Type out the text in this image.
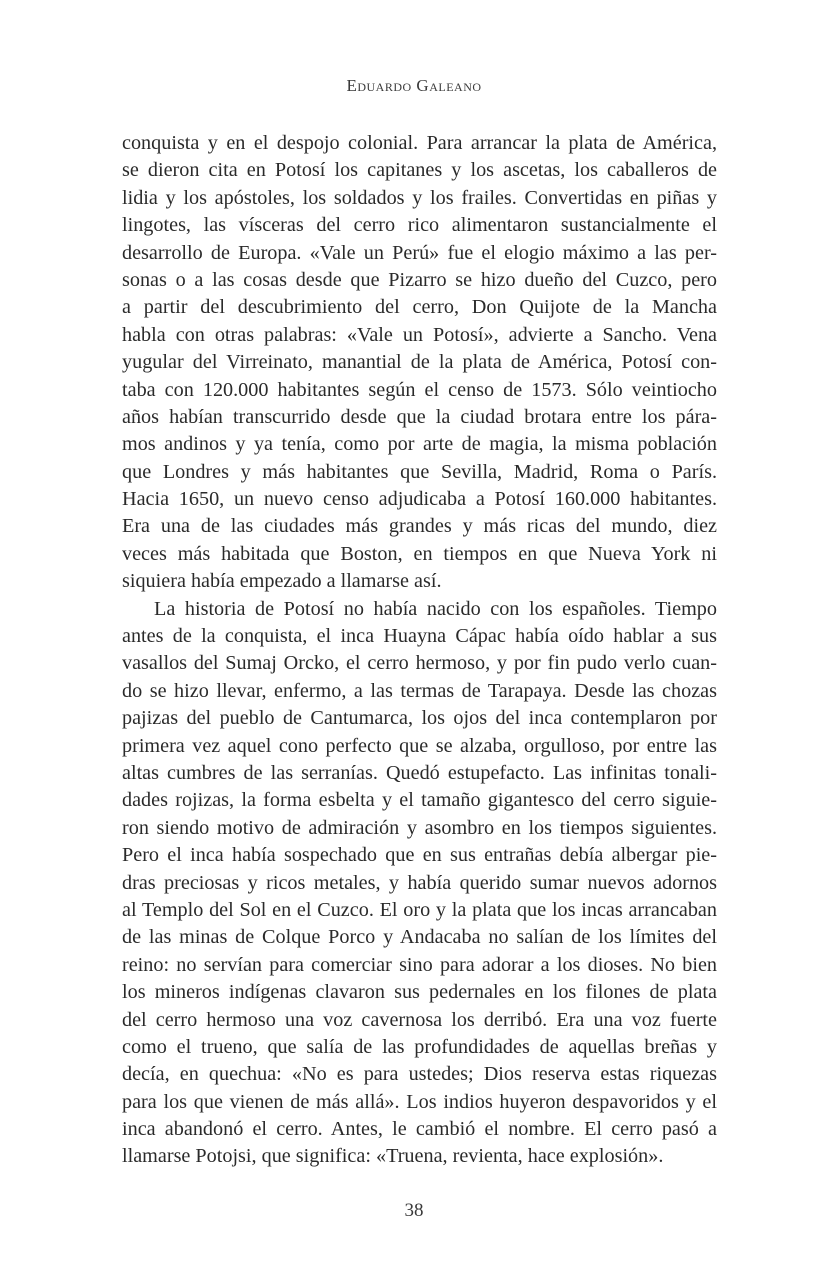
Eduardo Galeano
conquista y en el despojo colonial. Para arrancar la plata de América,
se dieron cita en Potosí los capitanes y los ascetas, los caballeros de
lidia y los apóstoles, los soldados y los frailes. Convertidas en piñas y
lingotes, las vísceras del cerro rico alimentaron sustancialmente el
desarrollo de Europa. «Vale un Perú» fue el elogio máximo a las per-
sonas o a las cosas desde que Pizarro se hizo dueño del Cuzco, pero
a partir del descubrimiento del cerro, Don Quijote de la Mancha
habla con otras palabras: «Vale un Potosí», advierte a Sancho. Vena
yugular del Virreinato, manantial de la plata de América, Potosí con-
taba con 120.000 habitantes según el censo de 1573. Sólo veintiocho
años habían transcurrido desde que la ciudad brotara entre los pára-
mos andinos y ya tenía, como por arte de magia, la misma población
que Londres y más habitantes que Sevilla, Madrid, Roma o París.
Hacia 1650, un nuevo censo adjudicaba a Potosí 160.000 habitantes.
Era una de las ciudades más grandes y más ricas del mundo, diez
veces más habitada que Boston, en tiempos en que Nueva York ni
siquiera había empezado a llamarse así.
La historia de Potosí no había nacido con los españoles. Tiempo
antes de la conquista, el inca Huayna Cápac había oído hablar a sus
vasallos del Sumaj Orcko, el cerro hermoso, y por fin pudo verlo cuan-
do se hizo llevar, enfermo, a las termas de Tarapaya. Desde las chozas
pajizas del pueblo de Cantumarca, los ojos del inca contemplaron por
primera vez aquel cono perfecto que se alzaba, orgulloso, por entre las
altas cumbres de las serranías. Quedó estupefacto. Las infinitas tonali-
dades rojizas, la forma esbelta y el tamaño gigantesco del cerro siguie-
ron siendo motivo de admiración y asombro en los tiempos siguientes.
Pero el inca había sospechado que en sus entrañas debía albergar pie-
dras preciosas y ricos metales, y había querido sumar nuevos adornos
al Templo del Sol en el Cuzco. El oro y la plata que los incas arrancaban
de las minas de Colque Porco y Andacaba no salían de los límites del
reino: no servían para comerciar sino para adorar a los dioses. No bien
los mineros indígenas clavaron sus pedernales en los filones de plata
del cerro hermoso una voz cavernosa los derribó. Era una voz fuerte
como el trueno, que salía de las profundidades de aquellas breñas y
decía, en quechua: «No es para ustedes; Dios reserva estas riquezas
para los que vienen de más allá». Los indios huyeron despavoridos y el
inca abandonó el cerro. Antes, le cambió el nombre. El cerro pasó a
llamarse Potojsi, que significa: «Truena, revienta, hace explosión».
38
